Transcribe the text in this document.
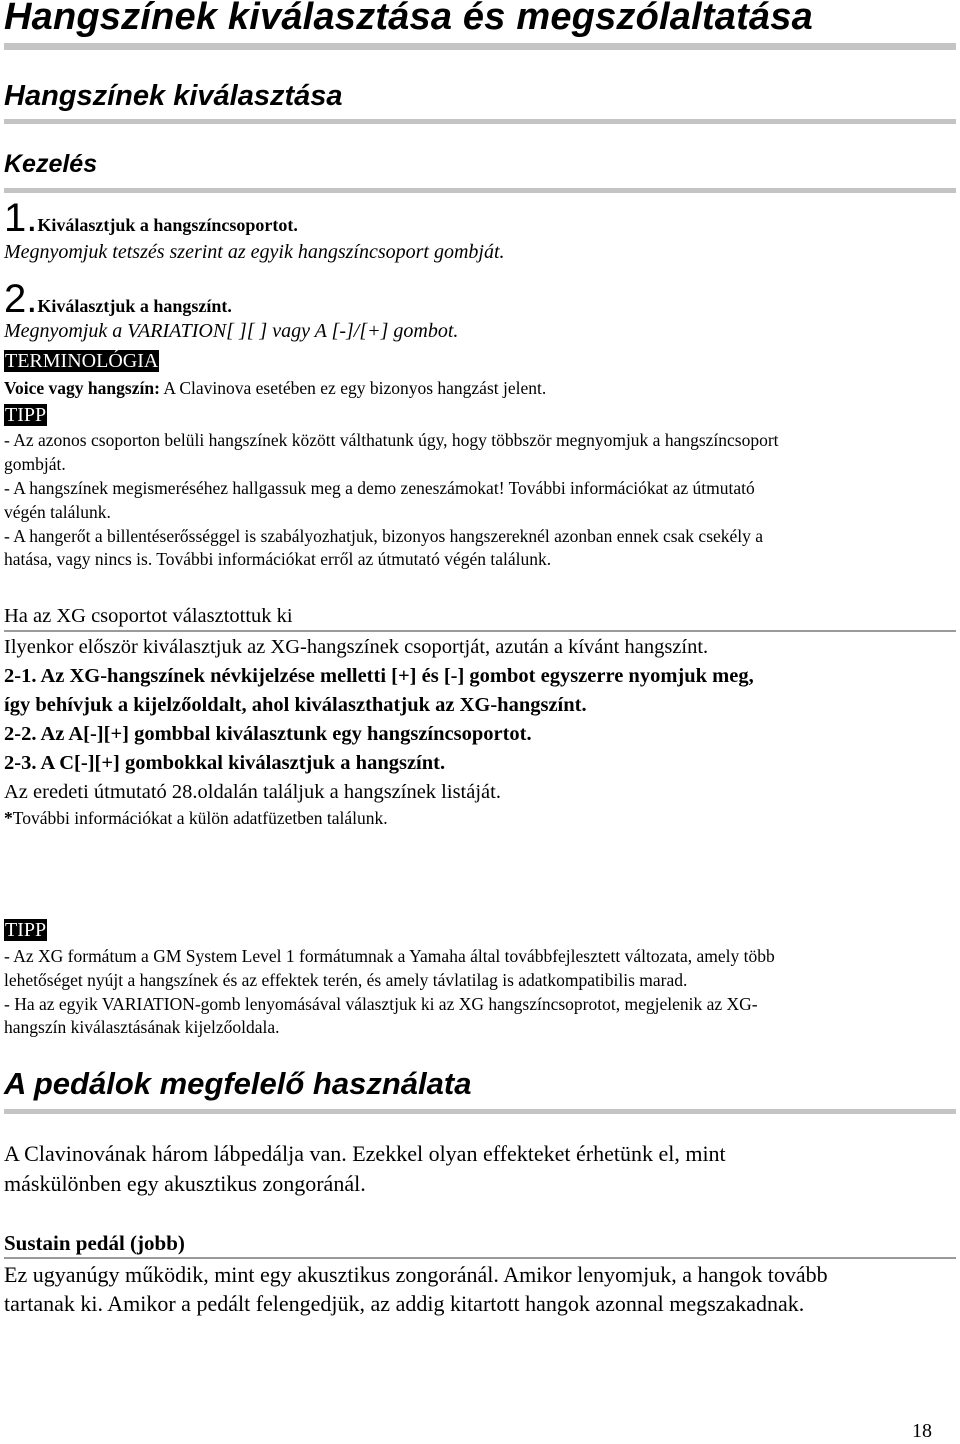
Hangszínek kiválasztása és megszólaltatása
Hangszínek kiválasztása
Kezelés
1.Kiválasztjuk a hangszíncsoportot.
Megnyomjuk tetszés szerint az egyik hangszíncsoport gombját.
2.Kiválasztjuk a hangszínt.
Megnyomjuk a VARIATION[ ][ ] vagy A [-]/[+] gombot.
TERMINOLÓGIA
Voice vagy hangszín: A Clavinova esetében ez egy bizonyos hangzást jelent.
TIPP
- Az azonos csoporton belüli hangszínek között válthatunk úgy, hogy többször megnyomjuk a hangszíncsoport
gombját.
- A hangszínek megismeréséhez hallgassuk meg a demo zeneszámokat! További információkat az útmutató
végén találunk.
- A hangerőt a billentéserősséggel is szabályozhatjuk, bizonyos hangszereknél azonban ennek csak csekély a
hatása, vagy nincs is. További információkat erről az útmutató végén találunk.
Ha az XG csoportot választottuk ki
Ilyenkor először kiválasztjuk az XG-hangszínek csoportját, azután a kívánt hangszínt.
2-1. Az XG-hangszínek névkijelzése melletti [+] és [-] gombot egyszerre nyomjuk meg,
így behívjuk a kijelzőoldalt, ahol kiválaszthatjuk az XG-hangszínt.
2-2. Az A[-][+] gombbal kiválasztunk egy hangszíncsoportot.
2-3. A C[-][+] gombokkal kiválasztjuk a hangszínt.
Az eredeti útmutató 28.oldalán találjuk a hangszínek listáját.
*További információkat a külön adatfüzetben találunk.
TIPP
- Az XG formátum a GM System Level 1 formátumnak a Yamaha által továbbfejlesztett változata, amely több
lehetőséget nyújt a hangszínek és az effektek terén, és amely távlatilag is adatkompatibilis marad.
- Ha az egyik VARIATION-gomb lenyomásával választjuk ki az XG hangszíncsoprotot, megjelenik az XG-
hangszín kiválasztásának kijelzőoldala.
A pedálok megfelelő használata
A Clavinovának három lábpedálja van. Ezekkel olyan effekteket érhetünk el, mint
máskülönben egy akusztikus zongoránál.
Sustain pedál (jobb)
Ez ugyanúgy működik, mint egy akusztikus zongoránál. Amikor lenyomjuk, a hangok tovább
tartanak ki. Amikor a pedált felengedjük, az addig kitartott hangok azonnal megszakadnak.
18
